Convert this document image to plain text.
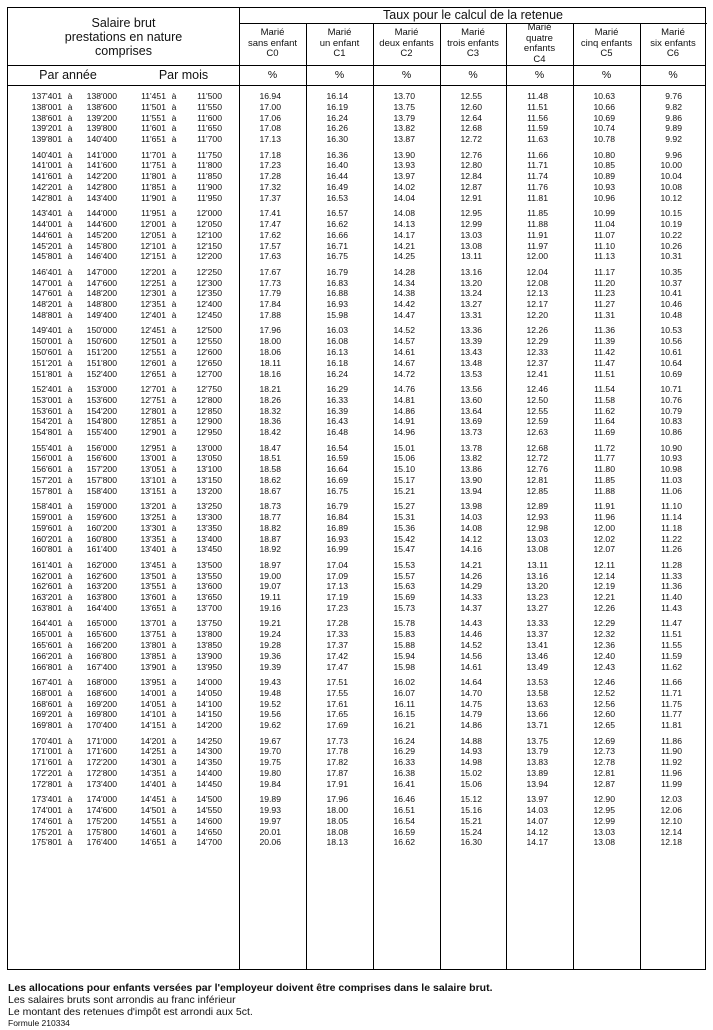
Salaire brut
prestations en nature
comprises
Taux pour le calcul de la retenue
Marié
sans enfant
C0
Marié
un enfant
C1
Marié
deux enfants
C2
Marié
trois enfants
C3
Marié
quatre
enfants
C4
Marié
cinq enfants
C5
Marié
six enfants
C6
Par année	Par mois	%	%	%	%	%	%	%
137'401 à	138'000	11'451 à	11'500	16.94	16.14	13.70	12.55	11.48	10.63	9.76
138'001 à	138'600	11'501 à	11'550	17.00	16.19	13.75	12.60	11.51	10.66	9.82
138'601 à	139'200	11'551 à	11'600	17.06	16.24	13.79	12.64	11.56	10.69	9.86
139'201 à	139'800	11'601 à	11'650	17.08	16.26	13.82	12.68	11.59	10.74	9.89
139'801 à	140'400	11'651 à	11'700	17.13	16.30	13.87	12.72	11.63	10.78	9.92
140'401 à	141'000	11'701 à	11'750	17.18	16.36	13.90	12.76	11.66	10.80	9.96
141'001 à	141'600	11'751 à	11'800	17.23	16.40	13.93	12.80	11.71	10.85	10.00
141'601 à	142'200	11'801 à	11'850	17.28	16.44	13.97	12.84	11.74	10.89	10.04
142'201 à	142'800	11'851 à	11'900	17.32	16.49	14.02	12.87	11.76	10.93	10.08
142'801 à	143'400	11'901 à	11'950	17.37	16.53	14.04	12.91	11.81	10.96	10.12
143'401 à	144'000	11'951 à	12'000	17.41	16.57	14.08	12.95	11.85	10.99	10.15
144'001 à	144'600	12'001 à	12'050	17.47	16.62	14.13	12.99	11.88	11.04	10.19
144'601 à	145'200	12'051 à	12'100	17.62	16.66	14.17	13.03	11.91	11.07	10.22
145'201 à	145'800	12'101 à	12'150	17.57	16.71	14.21	13.08	11.97	11.10	10.26
145'801 à	146'400	12'151 à	12'200	17.63	16.75	14.25	13.11	12.00	11.13	10.31
146'401 à	147'000	12'201 à	12'250	17.67	16.79	14.28	13.16	12.04	11.17	10.35
147'001 à	147'600	12'251 à	12'300	17.73	16.83	14.34	13.20	12.08	11.20	10.37
147'601 à	148'200	12'301 à	12'350	17.79	16.88	14.38	13.24	12.13	11.23	10.41
148'201 à	148'800	12'351 à	12'400	17.84	16.93	14.42	13.27	12.17	11.27	10.46
148'801 à	149'400	12'401 à	12'450	17.88	15.98	14.47	13.31	12.20	11.31	10.48
149'401 à	150'000	12'451 à	12'500	17.96	16.03	14.52	13.36	12.26	11.36	10.53
150'001 à	150'600	12'501 à	12'550	18.00	16.08	14.57	13.39	12.29	11.39	10.56
150'601 à	151'200	12'551 à	12'600	18.06	16.13	14.61	13.43	12.33	11.42	10.61
151'201 à	151'800	12'601 à	12'650	18.11	16.18	14.67	13.48	12.37	11.47	10.64
151'801 à	152'400	12'651 à	12'700	18.16	16.24	14.72	13.53	12.41	11.51	10.69
152'401 à	153'000	12'701 à	12'750	18.21	16.29	14.76	13.56	12.46	11.54	10.71
153'001 à	153'600	12'751 à	12'800	18.26	16.33	14.81	13.60	12.50	11.58	10.76
153'601 à	154'200	12'801 à	12'850	18.32	16.39	14.86	13.64	12.55	11.62	10.79
154'201 à	154'800	12'851 à	12'900	18.36	16.43	14.91	13.69	12.59	11.64	10.83
154'801 à	155'400	12'901 à	12'950	18.42	16.48	14.96	13.73	12.63	11.69	10.86
155'401 à	156'000	12'951 à	13'000	18.47	16.54	15.01	13.78	12.68	11.72	10.90
156'001 à	156'600	13'001 à	13'050	18.51	16.59	15.06	13.82	12.72	11.77	10.93
156'601 à	157'200	13'051 à	13'100	18.58	16.64	15.10	13.86	12.76	11.80	10.98
157'201 à	157'800	13'101 à	13'150	18.62	16.69	15.17	13.90	12.81	11.85	11.03
157'801 à	158'400	13'151 à	13'200	18.67	16.75	15.21	13.94	12.85	11.88	11.06
158'401 à	159'000	13'201 à	13'250	18.73	16.79	15.27	13.98	12.89	11.91	11.10
159'001 à	159'600	13'251 à	13'300	18.77	16.84	15.31	14.03	12.93	11.96	11.14
159'601 à	160'200	13'301 à	13'350	18.82	16.89	15.36	14.08	12.98	12.00	11.18
160'201 à	160'800	13'351 à	13'400	18.87	16.93	15.42	14.12	13.03	12.02	11.22
160'801 à	161'400	13'401 à	13'450	18.92	16.99	15.47	14.16	13.08	12.07	11.26
161'401 à	162'000	13'451 à	13'500	18.97	17.04	15.53	14.21	13.11	12.11	11.28
162'001 à	162'600	13'501 à	13'550	19.00	17.09	15.57	14.26	13.16	12.14	11.33
162'601 à	163'200	13'551 à	13'600	19.07	17.13	15.63	14.29	13.20	12.19	11.36
163'201 à	163'800	13'601 à	13'650	19.11	17.19	15.69	14.33	13.23	12.21	11.40
163'801 à	164'400	13'651 à	13'700	19.16	17.23	15.73	14.37	13.27	12.26	11.43
164'401 à	165'000	13'701 à	13'750	19.21	17.28	15.78	14.43	13.33	12.29	11.47
165'001 à	165'600	13'751 à	13'800	19.24	17.33	15.83	14.46	13.37	12.32	11.51
165'601 à	166'200	13'801 à	13'850	19.28	17.37	15.88	14.52	13.41	12.36	11.55
166'201 à	166'800	13'851 à	13'900	19.36	17.42	15.94	14.56	13.46	12.40	11.59
166'801 à	167'400	13'901 à	13'950	19.39	17.47	15.98	14.61	13.49	12.43	11.62
167'401 à	168'000	13'951 à	14'000	19.43	17.51	16.02	14.64	13.53	12.46	11.66
168'001 à	168'600	14'001 à	14'050	19.48	17.55	16.07	14.70	13.58	12.52	11.71
168'601 à	169'200	14'051 à	14'100	19.52	17.61	16.11	14.75	13.63	12.56	11.75
169'201 à	169'800	14'101 à	14'150	19.56	17.65	16.15	14.79	13.66	12.60	11.77
169'801 à	170'400	14'151 à	14'200	19.62	17.69	16.21	14.86	13.71	12.65	11.81
170'401 à	171'000	14'201 à	14'250	19.67	17.73	16.24	14.88	13.75	12.69	11.86
171'001 à	171'600	14'251 à	14'300	19.70	17.78	16.29	14.93	13.79	12.73	11.90
171'601 à	172'200	14'301 à	14'350	19.75	17.82	16.33	14.98	13.83	12.78	11.92
172'201 à	172'800	14'351 à	14'400	19.80	17.87	16.38	15.02	13.89	12.81	11.96
172'801 à	173'400	14'401 à	14'450	19.84	17.91	16.41	15.06	13.94	12.87	11.99
173'401 à	174'000	14'451 à	14'500	19.89	17.96	16.46	15.12	13.97	12.90	12.03
174'001 à	174'600	14'501 à	14'550	19.93	18.00	16.51	15.16	14.03	12.95	12.06
174'601 à	175'200	14'551 à	14'600	19.97	18.05	16.54	15.21	14.07	12.99	12.10
175'201 à	175'800	14'601 à	14'650	20.01	18.08	16.59	15.24	14.12	13.03	12.14
175'801 à	176'400	14'651 à	14'700	20.06	18.13	16.62	16.30	14.17	13.08	12.18
Les allocations pour enfants versées par l'employeur doivent être comprises dans le salaire brut.
Les salaires bruts sont arrondis au franc inférieur
Le montant des retenues d'impôt est arrondi aux 5ct.
Formule 210334
